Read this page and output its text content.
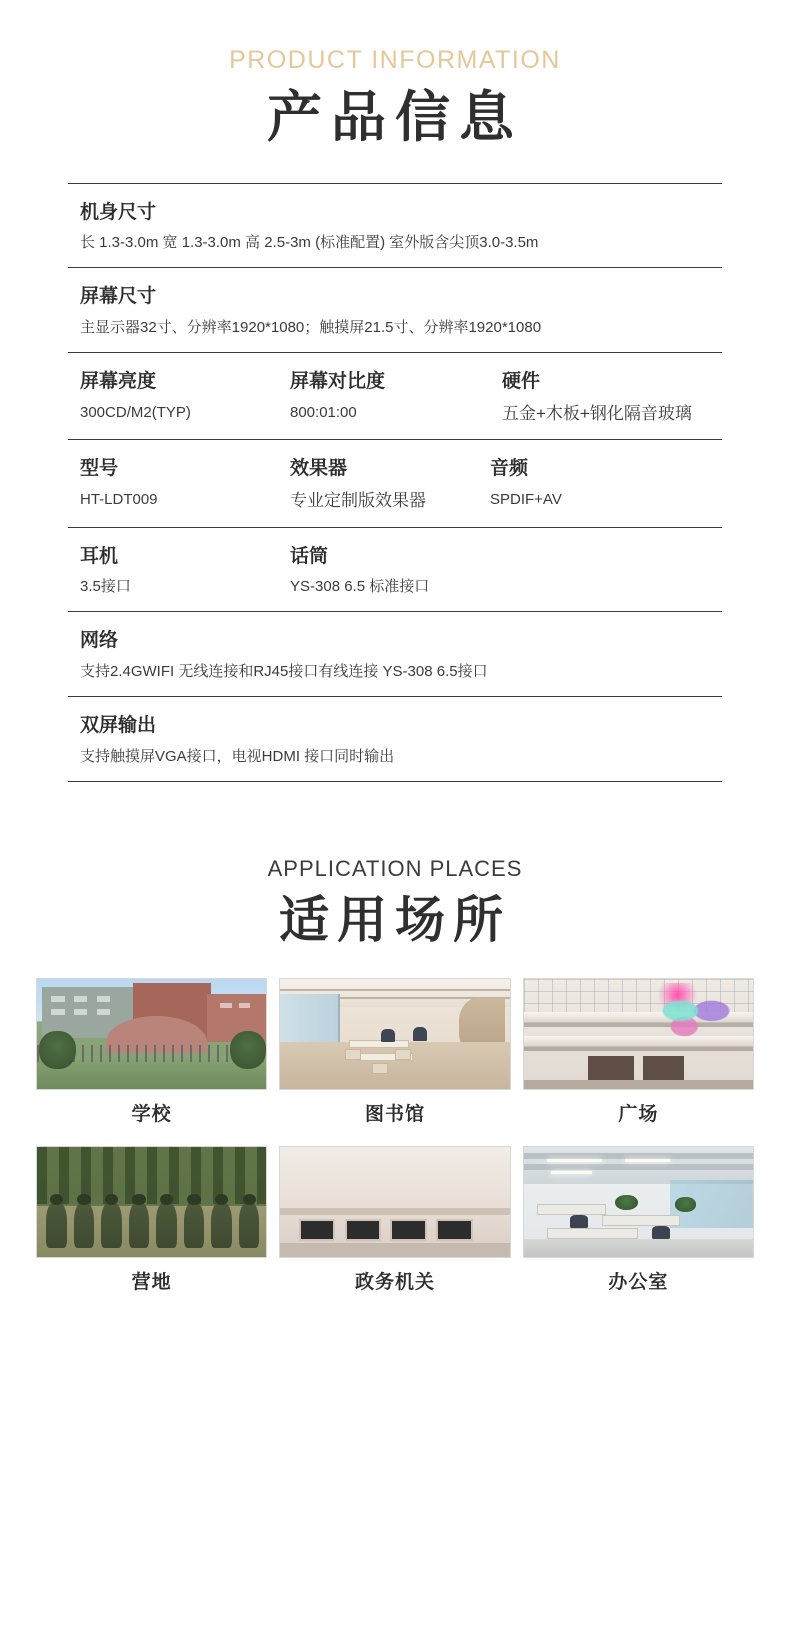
PRODUCT INFORMATION
产品信息
机身尺寸
长 1.3-3.0m 宽 1.3-3.0m 高 2.5-3m (标准配置) 室外版含尖顶3.0-3.5m
屏幕尺寸
主显示器32寸、分辨率1920*1080；触摸屏21.5寸、分辨率1920*1080
屏幕亮度
300CD/M2(TYP)
屏幕对比度
800:01:00
硬件
五金+木板+钢化隔音玻璃
型号
HT-LDT009
效果器
专业定制版效果器
音频
SPDIF+AV
耳机
3.5接口
话筒
YS-308 6.5 标准接口
网络
支持2.4GWIFI 无线连接和RJ45接口有线连接 YS-308 6.5接口
双屏输出
支持触摸屏VGA接口，电视HDMI 接口同时输出
APPLICATION PLACES
适用场所
学校	图书馆	广场
营地	政务机关	办公室
